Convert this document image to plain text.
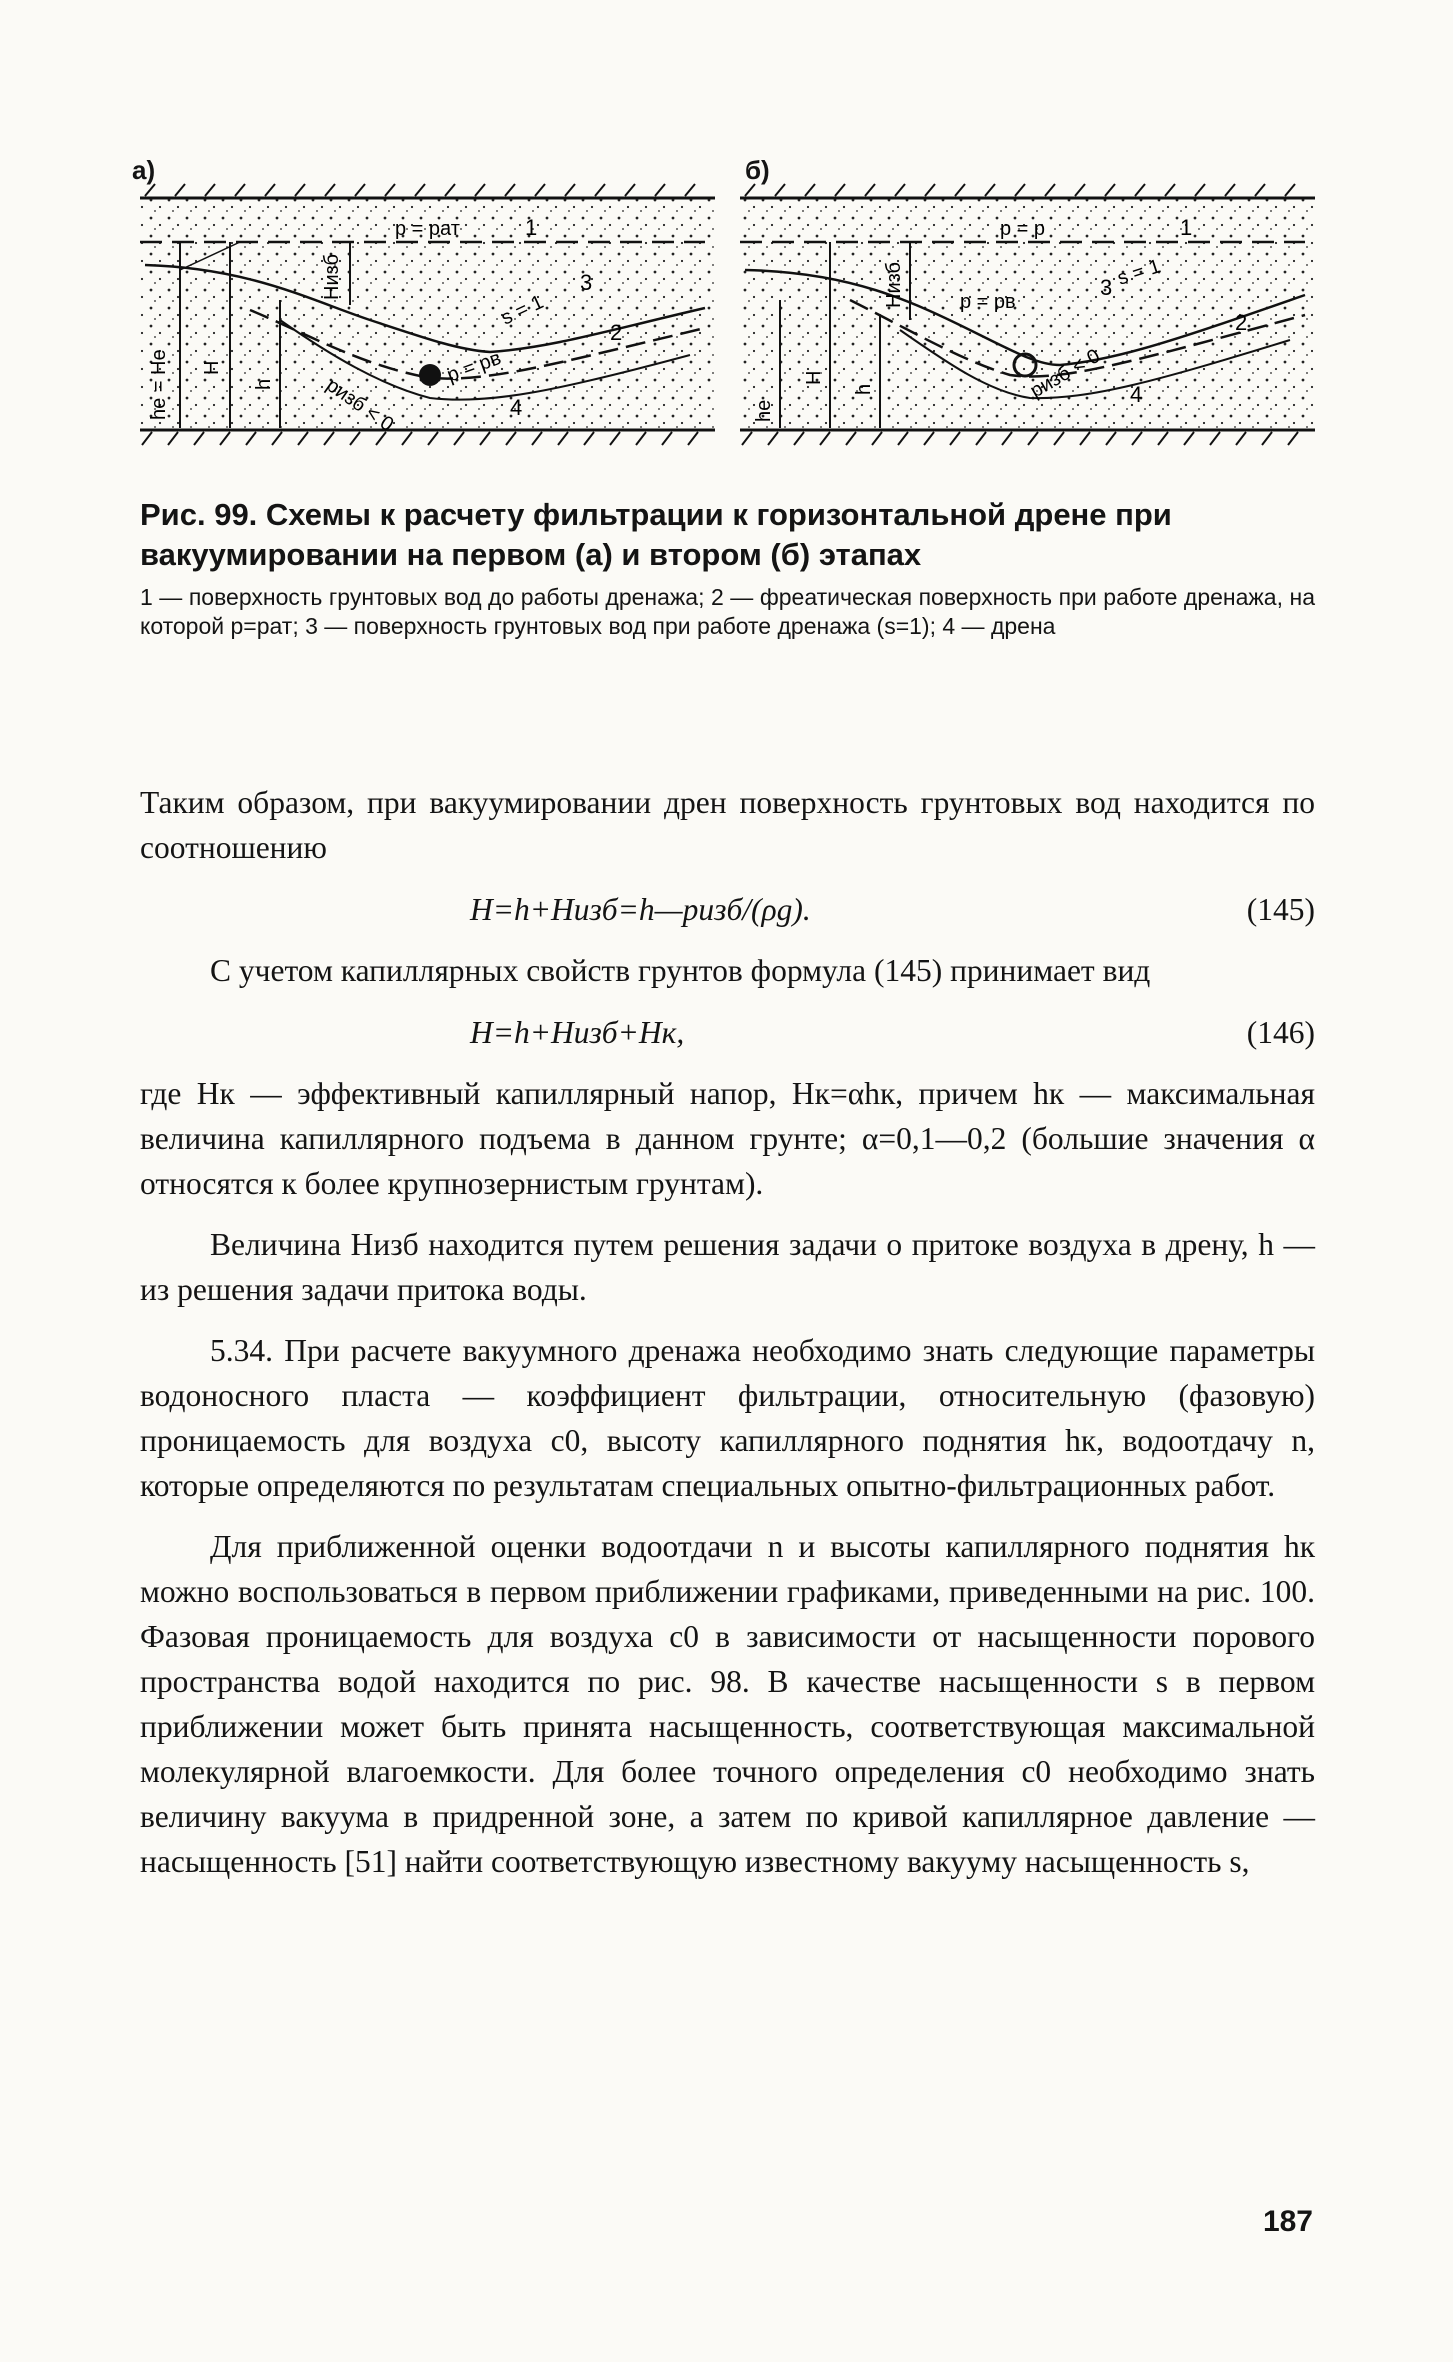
а)	б)
he = He H
h
Hизб
pизб < 0
p = pв
p = pат
s = 1
1
2
3
4	he
H
h
Hизб
pизб < 0
p = pв
p = p
s = 1
1
2
3
4

Рис. 99. Схемы к расчету фильтрации к горизонтальной дрене при вакуумировании на первом (а) и втором (б) этапах

1 — поверхность грунтовых вод до работы дренажа; 2 — фреатическая поверхность при работе дренажа, на которой p=pат; 3 — поверхность грунтовых вод при работе дренажа (s=1); 4 — дрена

Таким образом, при вакуумировании дрен поверхность грунтовых вод находится по соотношению

H=h+Hизб=h—pизб/(ρg).	(145)

С учетом капиллярных свойств грунтов формула (145) принимает вид

H=h+Hизб+Hк,	(146)

где Hк — эффективный капиллярный напор, Hк=αhк, причем hк — максимальная величина капиллярного подъема в данном грунте; α=0,1—0,2 (большие значения α относятся к более крупнозернистым грунтам).

Величина Hизб находится путем решения задачи о притоке воздуха в дрену, h — из решения задачи притока воды.

5.34. При расчете вакуумного дренажа необходимо знать следующие параметры водоносного пласта — коэффициент фильтрации, относительную (фазовую) проницаемость для воздуха c0, высоту капиллярного поднятия hк, водоотдачу n, которые определяются по результатам специальных опытно-фильтрационных работ.

Для приближенной оценки водоотдачи n и высоты капиллярного поднятия hк можно воспользоваться в первом приближении графиками, приведенными на рис. 100. Фазовая проницаемость для воздуха c0 в зависимости от насыщенности порового пространства водой находится по рис. 98. В качестве насыщенности s в первом приближении может быть принята насыщенность, соответствующая максимальной молекулярной влагоемкости. Для более точного определения c0 необходимо знать величину вакуума в придренной зоне, а затем по кривой капиллярное давление — насыщенность [51] найти соответствующую известному вакууму насыщенность s,

187
